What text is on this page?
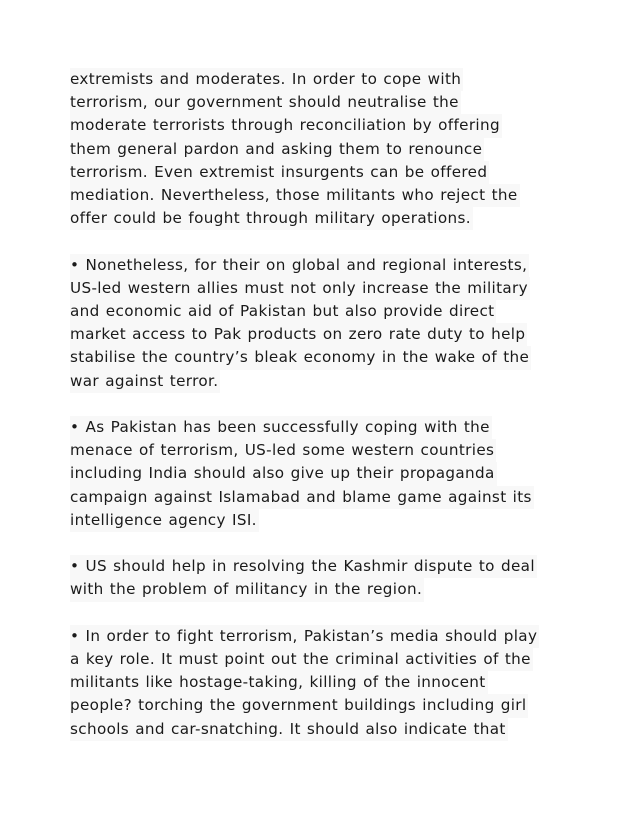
extremists and moderates. In order to cope with
terrorism, our government should neutralise the
moderate terrorists through reconciliation by offering
them general pardon and asking them to renounce
terrorism. Even extremist insurgents can be offered
mediation. Nevertheless, those militants who reject the
offer could be fought through military operations.
• Nonetheless, for their on global and regional interests,
US-led western allies must not only increase the military
and economic aid of Pakistan but also provide direct
market access to Pak products on zero rate duty to help
stabilise the country’s bleak economy in the wake of the
war against terror.
• As Pakistan has been successfully coping with the
menace of terrorism, US-led some western countries
including India should also give up their propaganda
campaign against Islamabad and blame game against its
intelligence agency ISI.
• US should help in resolving the Kashmir dispute to deal
with the problem of militancy in the region.
• In order to fight terrorism, Pakistan’s media should play
a key role. It must point out the criminal activities of the
militants like hostage-taking, killing of the innocent
people? torching the government buildings including girl
schools and car-snatching. It should also indicate that
